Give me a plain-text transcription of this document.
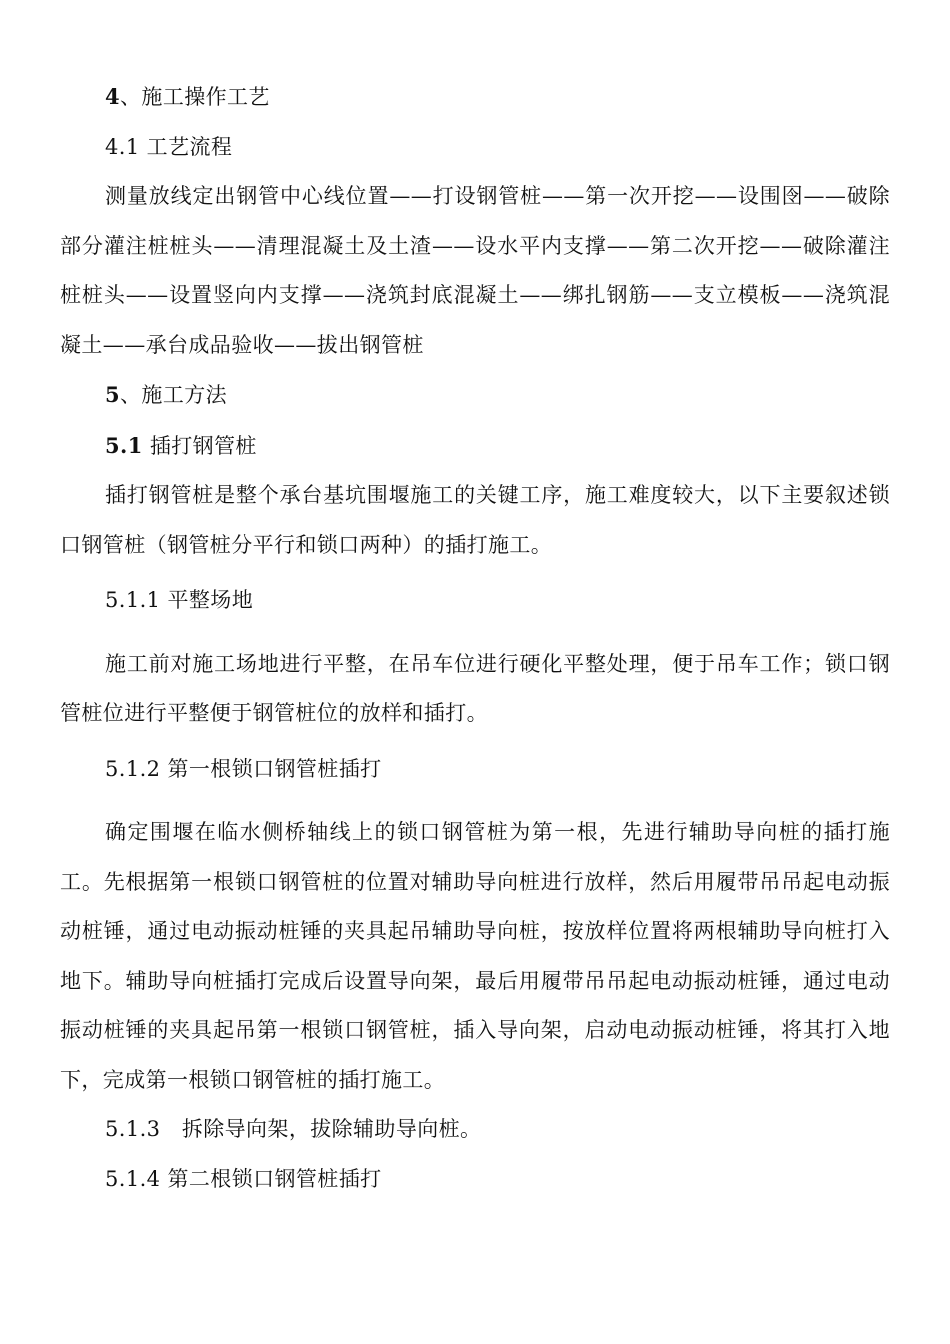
4、施工操作工艺

4.1 工艺流程

测量放线定出钢管中心线位置——打设钢管桩——第一次开挖——设围囹——破除部分灌注桩桩头——清理混凝土及土渣——设水平内支撑——第二次开挖——破除灌注桩桩头——设置竖向内支撑——浇筑封底混凝土——绑扎钢筋——支立模板——浇筑混凝土——承台成品验收——拔出钢管桩

5、施工方法

5.1 插打钢管桩

插打钢管桩是整个承台基坑围堰施工的关键工序，施工难度较大，以下主要叙述锁口钢管桩（钢管桩分平行和锁口两种）的插打施工。

5.1.1 平整场地

施工前对施工场地进行平整，在吊车位进行硬化平整处理，便于吊车工作；锁口钢管桩位进行平整便于钢管桩位的放样和插打。

5.1.2 第一根锁口钢管桩插打

确定围堰在临水侧桥轴线上的锁口钢管桩为第一根，先进行辅助导向桩的插打施工。先根据第一根锁口钢管桩的位置对辅助导向桩进行放样，然后用履带吊吊起电动振动桩锤，通过电动振动桩锤的夹具起吊辅助导向桩，按放样位置将两根辅助导向桩打入地下。辅助导向桩插打完成后设置导向架，最后用履带吊吊起电动振动桩锤，通过电动振动桩锤的夹具起吊第一根锁口钢管桩，插入导向架，启动电动振动桩锤，将其打入地下，完成第一根锁口钢管桩的插打施工。

5.1.3　拆除导向架，拔除辅助导向桩。

5.1.4 第二根锁口钢管桩插打
